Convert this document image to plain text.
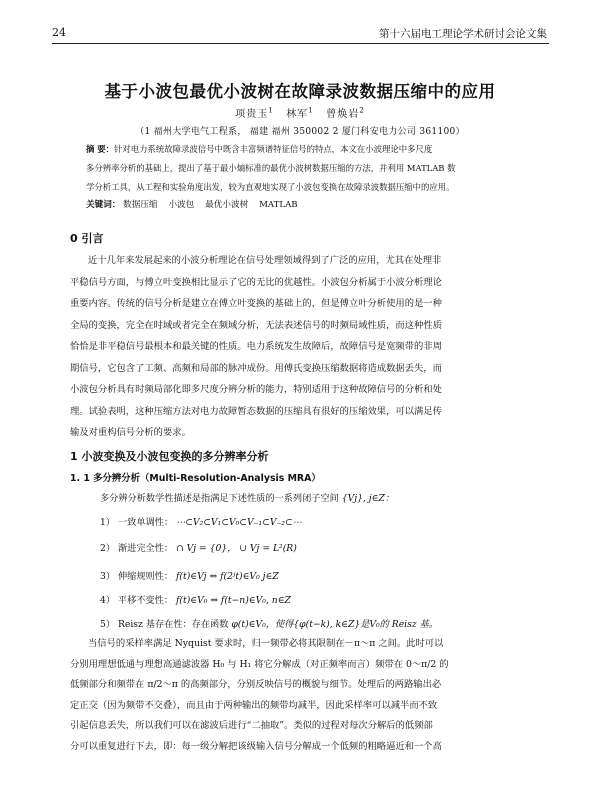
24	第十六届电工理论学术研讨会论文集
基于小波包最优小波树在故障录波数据压缩中的应用
项贵玉$^1$ 林军$^1$ 曾焕岩$^2$
（1 福州大学电气工程系， 福建 福州 350002 2 厦门科安电力公司 361100）
摘 要：针对电力系统故障录波信号中既含丰富频谱特征信号的特点，本文在小波理论中多尺度
多分辨率分析的基础上，提出了基于最小熵标准的最优小波树数据压缩的方法，并利用 MATLAB 数
学分析工具，从工程和实验角度出发，较为直观地实现了小波包变换在故障录波数据压缩中的应用。
关键词： 数据压缩 小波包 最优小波树 MATLAB
0 引言
近十几年来发展起来的小波分析理论在信号处理领域得到了广泛的应用，尤其在处理非
平稳信号方面，与傅立叶变换相比显示了它的无比的优越性。小波包分析属于小波分析理论
重要内容。传统的信号分析是建立在傅立叶变换的基础上的，但是傅立叶分析使用的是一种
全局的变换，完全在时域或者完全在频域分析，无法表述信号的时频局域性质，而这种性质
恰恰是非平稳信号最根本和最关键的性质。电力系统发生故障后，故障信号是宽频带的非周
期信号，它包含了工频、高频和局部的脉冲成份。用傅氏变换压缩数据将造成数据丢失，而
小波包分析具有时频局部化即多尺度分辨分析的能力，特别适用于这种故障信号的分析和处
理。试验表明，这种压缩方法对电力故障暂态数据的压缩具有很好的压缩效果，可以满足传
输及对重构信号分析的要求。
1 小波变换及小波包变换的多分辨率分析
1. 1 多分辨分析（Multi-Resolution-Analysis MRA）
多分辨分析数学性描述是指满足下述性质的一系列闭子空间 {Vj}, j∈Z：
1） 一致单调性： ⋯⊂V₂⊂V₁⊂V₀⊂V₋₁⊂V₋₂⊂⋯
2） 渐进完全性： ∩ Vj = {0}， ∪ Vj = L²(R)
3） 伸缩规则性： f(t)∈Vj ⇔ f(2ʲt)∈V₀ j∈Z
4） 平移不变性： f(t)∈V₀ ⇒ f(t−n)∈V₀, n∈Z
5） Reisz 基存在性：存在函数 φ(t)∈V₀，使得{φ(t−k), k∈Z}是V₀的 Reisz 基。
当信号的采样率满足 Nyquist 要求时，归一频带必将其限制在－π～π 之间。此时可以
分别用理想低通与理想高通滤波器 H₀ 与 H₁ 将它分解成（对正频率而言）频带在 0～π/2 的
低频部分和频带在 π/2～π 的高频部分，分别反映信号的概貌与细节。处理后的两路输出必
定正交（因为频带不交叠），而且由于两种输出的频带均减半，因此采样率可以减半而不致
引起信息丢失，所以我们可以在滤波后进行“二抽取”。类似的过程对每次分解后的低频部
分可以重复进行下去，即：每一级分解把该级输入信号分解成一个低频的粗略逼近和一个高
